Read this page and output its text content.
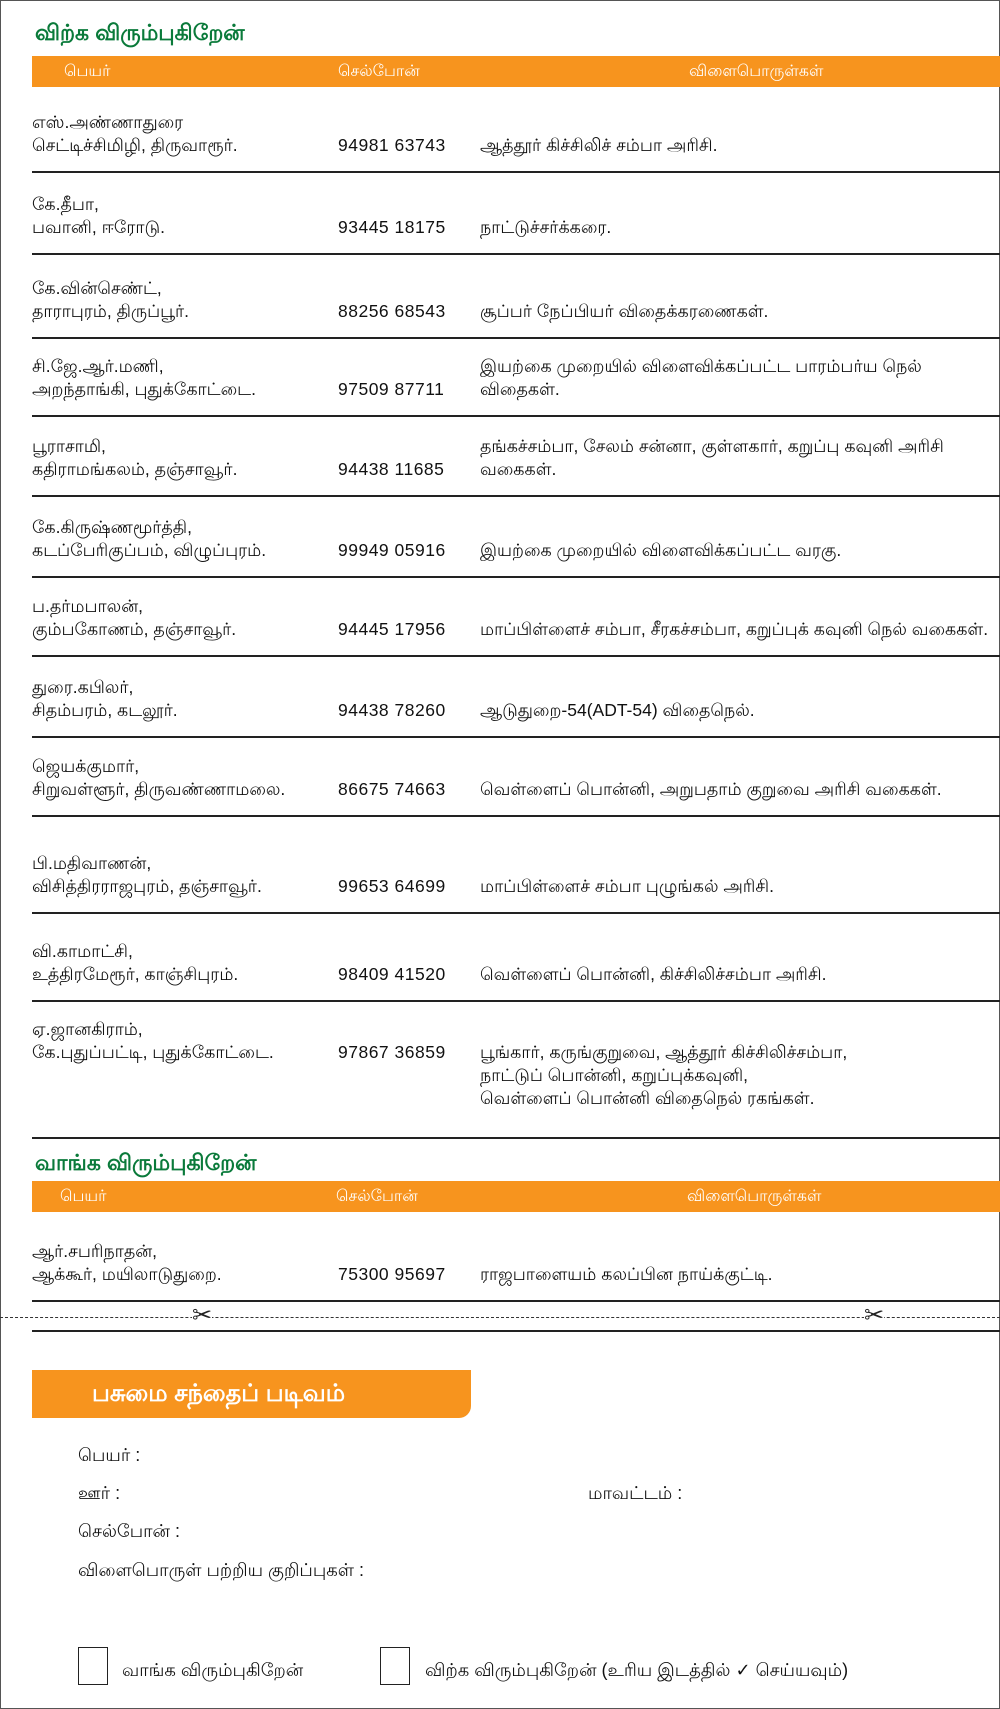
விற்க விரும்புகிறேன்
பெயர்	செல்போன்	விளைபொருள்கள்
எஸ்.அண்ணாதுரை
செட்டிச்சிமிழி, திருவாரூர்.	94981 63743 ஆத்தூர் கிச்சிலிச் சம்பா அரிசி.
கே.தீபா,
பவானி, ஈரோடு.	93445 18175 நாட்டுச்சர்க்கரை.
கே.வின்செண்ட்,
தாராபுரம், திருப்பூர்.	88256 68543 சூப்பர் நேப்பியர் விதைக்கரணைகள்.
சி.ஜே.ஆர்.மணி,
அறந்தாங்கி, புதுக்கோட்டை.	97509 87711
இயற்கை முறையில் விளைவிக்கப்பட்ட பாரம்பர்ய நெல் விதைகள்.
பூராசாமி,
கதிராமங்கலம், தஞ்சாவூர்.	94438 11685
தங்கச்சம்பா, சேலம் சன்னா, குள்ளகார், கறுப்பு கவுனி அரிசி வகைகள்.
கே.கிருஷ்ணமூர்த்தி,
கடப்பேரிகுப்பம், விழுப்புரம்.	99949 05916 இயற்கை முறையில் விளைவிக்கப்பட்ட வரகு.
ப.தர்மபாலன்,
கும்பகோணம், தஞ்சாவூர்.	94445 17956 மாப்பிள்ளைச் சம்பா, சீரகச்சம்பா, கறுப்புக் கவுனி நெல் வகைகள்.
துரை.கபிலர்,
சிதம்பரம், கடலூர்.	94438 78260 ஆடுதுறை-54(ADT-54) விதைநெல்.
ஜெயக்குமார்,
சிறுவள்ளூர், திருவண்ணாமலை.	86675 74663 வெள்ளைப் பொன்னி, அறுபதாம் குறுவை அரிசி வகைகள்.
பி.மதிவாணன்,
விசித்திரராஜபுரம், தஞ்சாவூர்.	99653 64699 மாப்பிள்ளைச் சம்பா புழுங்கல் அரிசி.
வி.காமாட்சி,
உத்திரமேரூர், காஞ்சிபுரம்.	98409 41520 வெள்ளைப் பொன்னி, கிச்சிலிச்சம்பா அரிசி.
ஏ.ஜானகிராம்,
கே.புதுப்பட்டி, புதுக்கோட்டை.	97867 36859 பூங்கார், கருங்குறுவை, ஆத்தூர் கிச்சிலிச்சம்பா,
நாட்டுப் பொன்னி, கறுப்புக்கவுனி,
வெள்ளைப் பொன்னி விதைநெல் ரகங்கள்.
வாங்க விரும்புகிறேன்
பெயர்	செல்போன்	விளைபொருள்கள்
ஆர்.சபரிநாதன்,
ஆக்கூர், மயிலாடுதுறை.	75300 95697 ராஜபாளையம் கலப்பின நாய்க்குட்டி.
✂	✂
பசுமை சந்தைப் படிவம்
பெயர் :
ஊர் :	மாவட்டம் :
செல்போன் :
விளைபொருள் பற்றிய குறிப்புகள் :
வாங்க விரும்புகிறேன்	விற்க விரும்புகிறேன் (உரிய இடத்தில் ✓ செய்யவும்)
